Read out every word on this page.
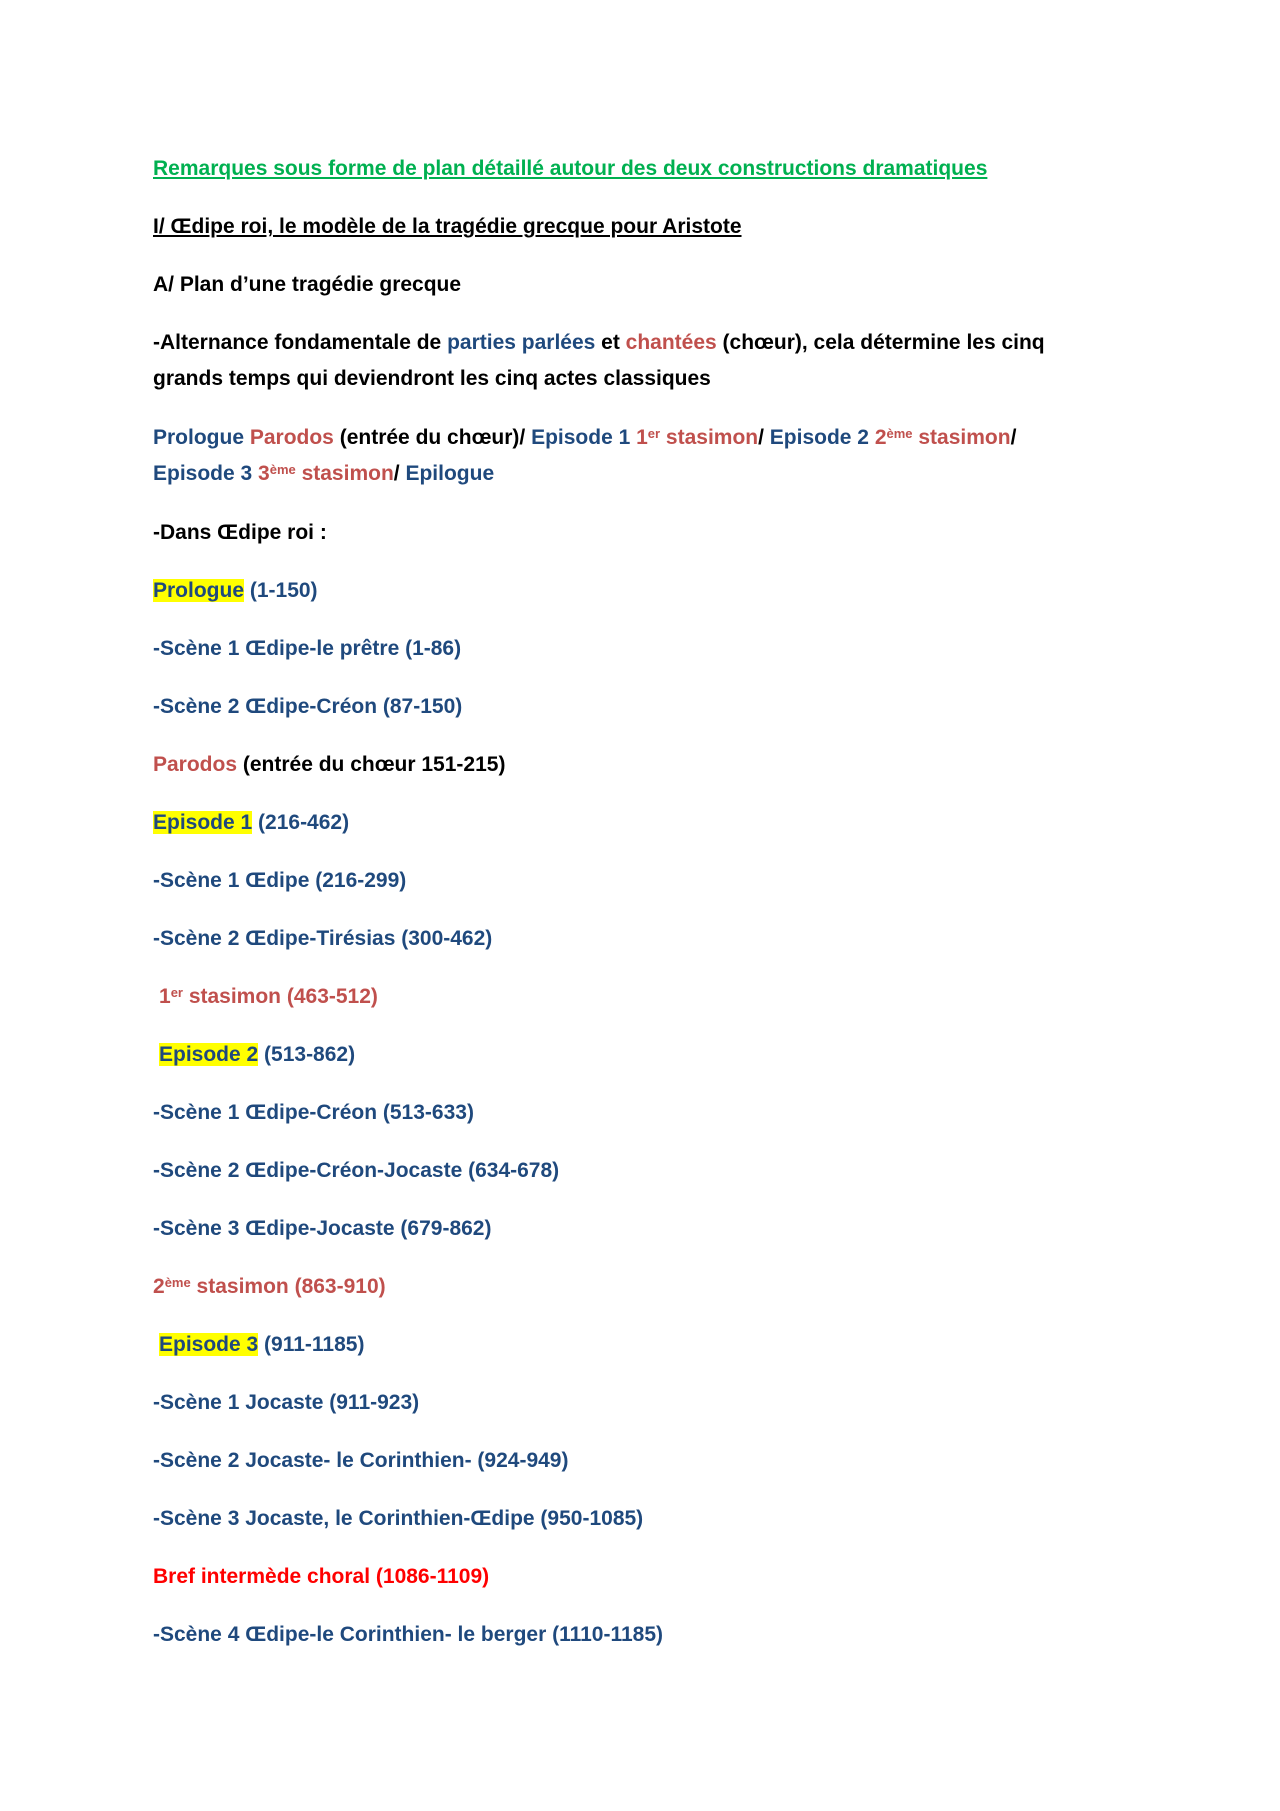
Remarques sous forme de plan détaillé autour des deux constructions dramatiques
I/ Œdipe roi, le modèle de la tragédie grecque pour Aristote
A/ Plan d’une tragédie grecque
-Alternance fondamentale de parties parlées et chantées (chœur), cela détermine les cinq
grands temps qui deviendront les cinq actes classiques
Prologue Parodos (entrée du chœur)/ Episode 1 1er stasimon/ Episode 2 2ème stasimon/
Episode 3 3ème stasimon/ Epilogue
-Dans Œdipe roi :
Prologue (1-150)
-Scène 1 Œdipe-le prêtre (1-86)
-Scène 2 Œdipe-Créon (87-150)
Parodos (entrée du chœur 151-215)
Episode 1 (216-462)
-Scène 1 Œdipe (216-299)
-Scène 2 Œdipe-Tirésias (300-462)
1er stasimon (463-512)
Episode 2 (513-862)
-Scène 1 Œdipe-Créon (513-633)
-Scène 2 Œdipe-Créon-Jocaste (634-678)
-Scène 3 Œdipe-Jocaste (679-862)
2ème stasimon (863-910)
Episode 3 (911-1185)
-Scène 1 Jocaste (911-923)
-Scène 2 Jocaste- le Corinthien- (924-949)
-Scène 3 Jocaste, le Corinthien-Œdipe (950-1085)
Bref intermède choral (1086-1109)
-Scène 4 Œdipe-le Corinthien- le berger (1110-1185)
